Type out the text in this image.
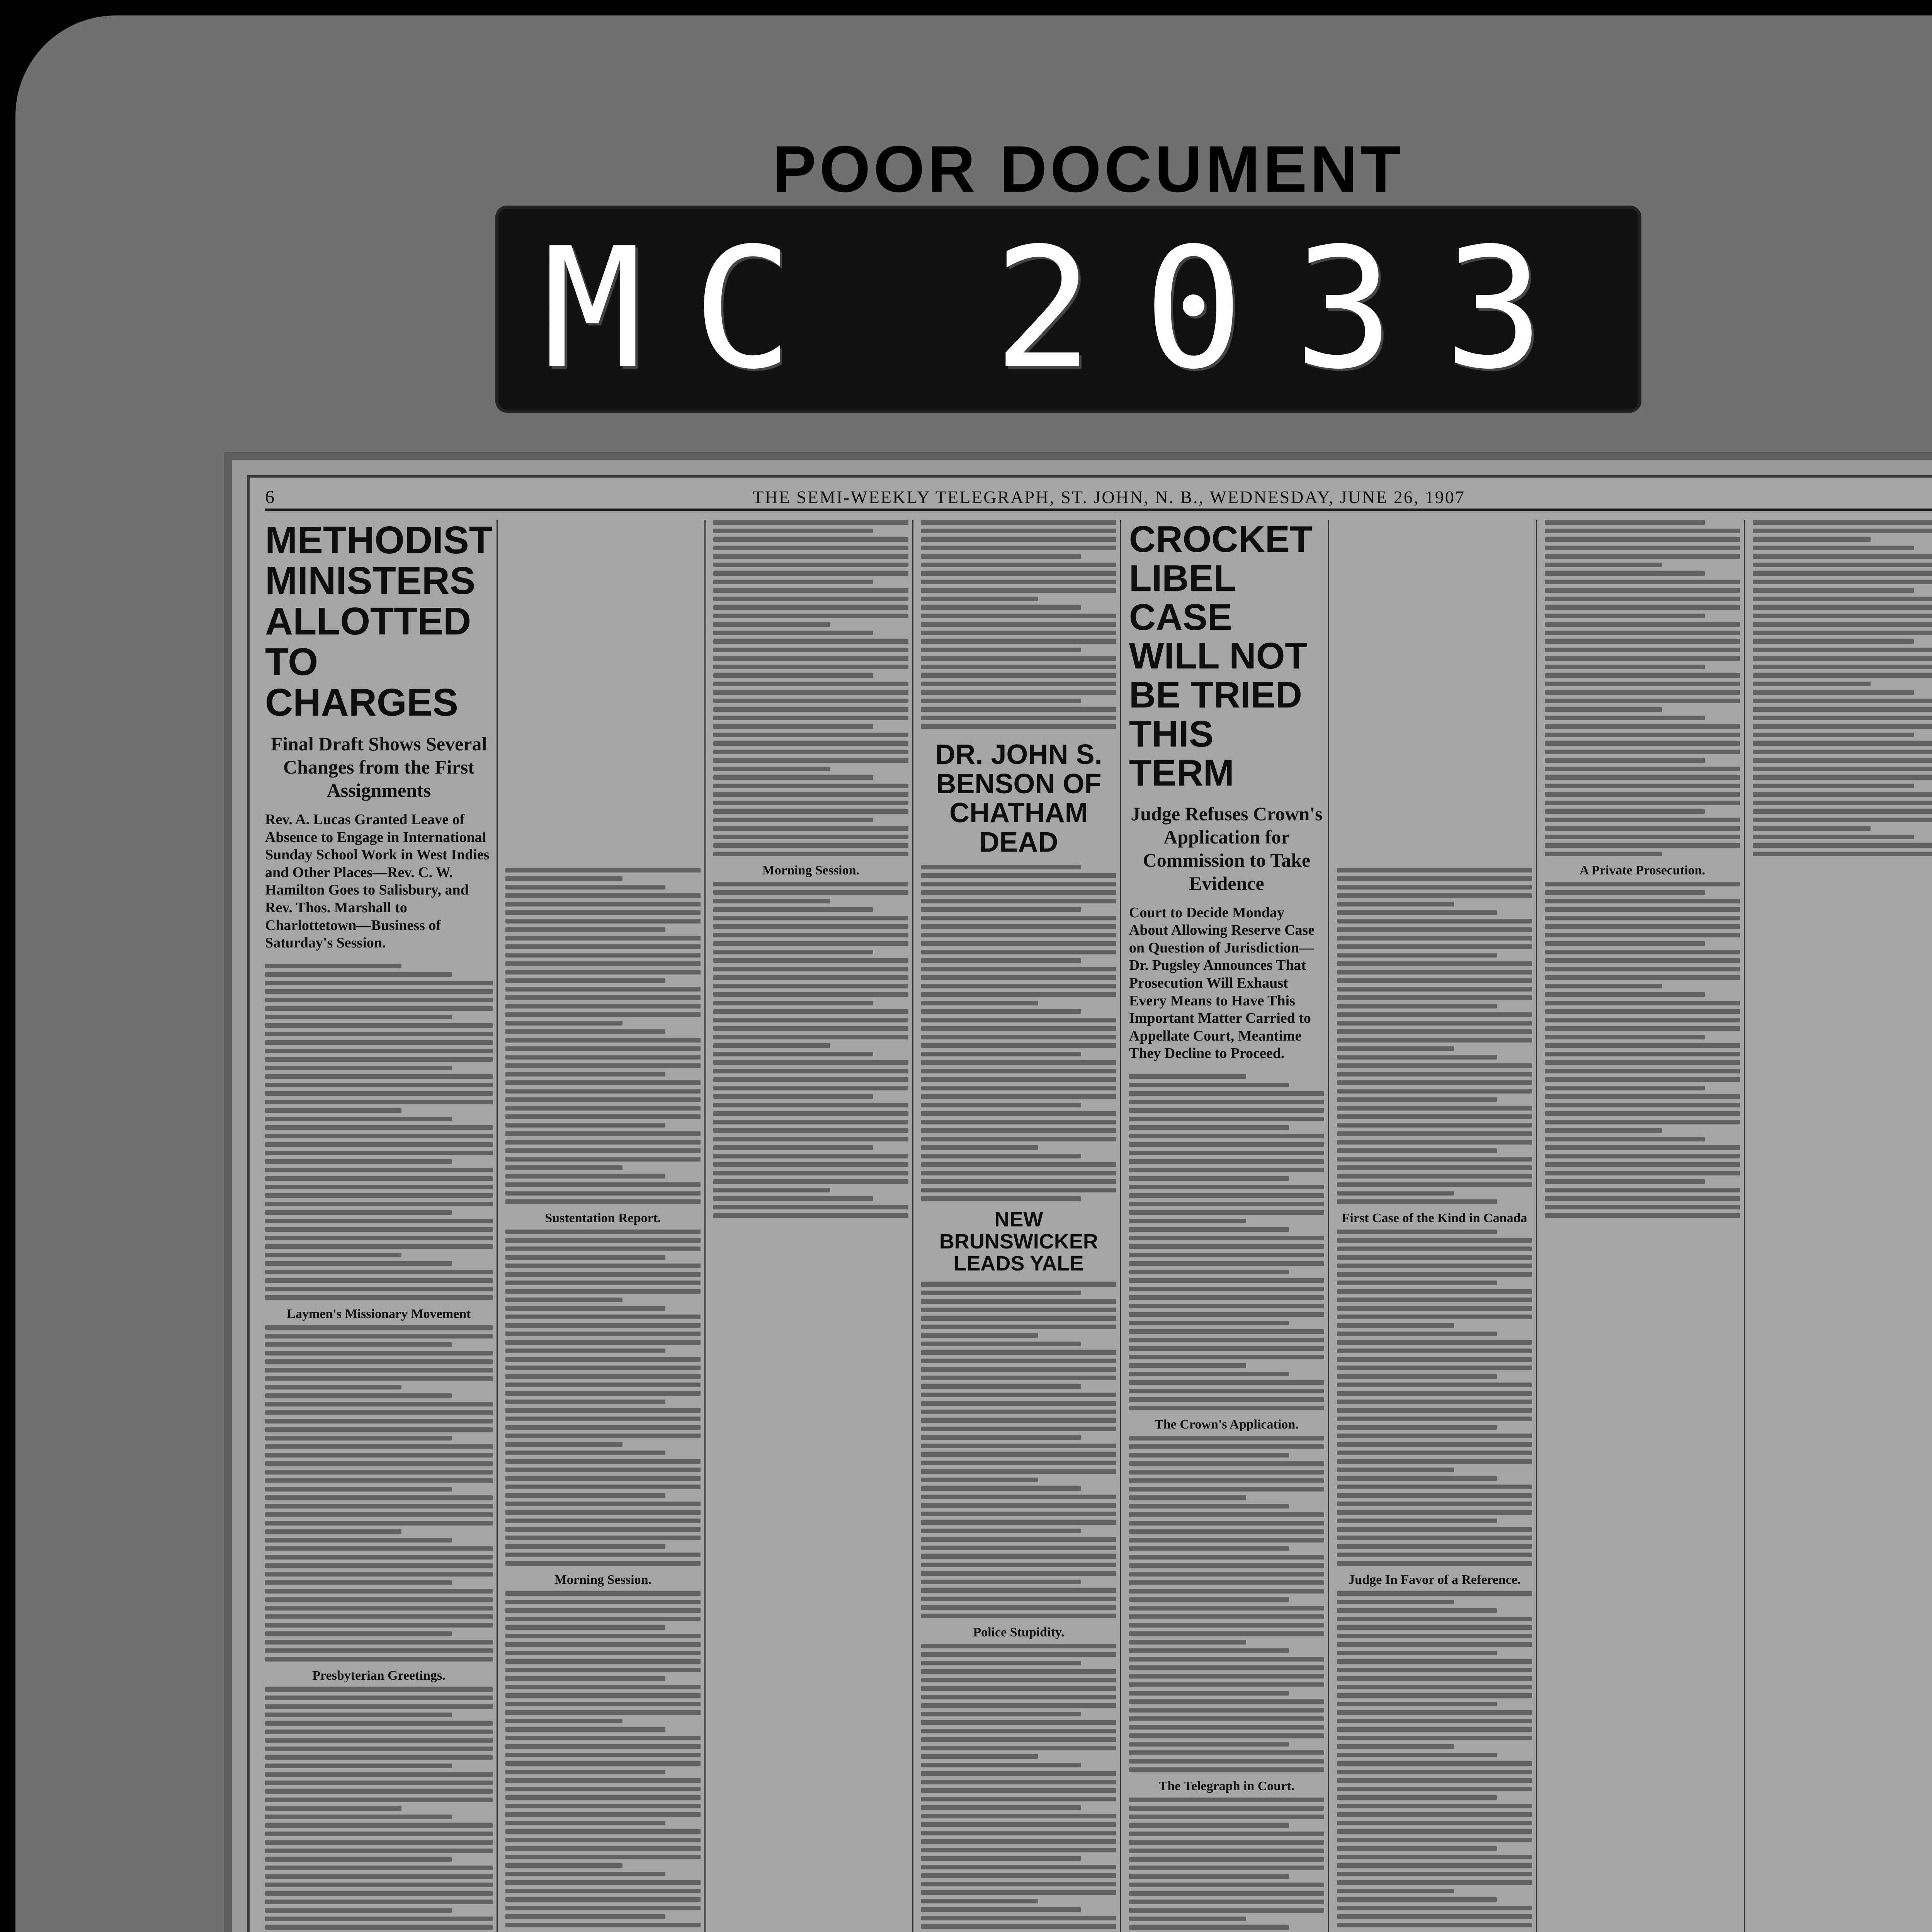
POOR DOCUMENT
MC 2033
6	THE SEMI-WEEKLY TELEGRAPH, ST. JOHN, N. B., WEDNESDAY, JUNE 26, 1907
METHODIST MINISTERS ALLOTTED TO CHARGES
Final Draft Shows Several Changes from the First Assignments
Rev. A. Lucas Granted Leave of Absence to Engage in International Sunday School Work in West Indies and Other Places—Rev. C. W. Hamilton Goes to Salisbury, and Rev. Thos. Marshall to Charlottetown—Business of Saturday's Session.
Laymen's Missionary Movement
Presbyterian Greetings.
Sustentation Report.
Morning Session.
Morning Session.
DR. JOHN S. BENSON OF CHATHAM DEAD
NEW BRUNSWICKER LEADS YALE
Police Stupidity.
CROCKET LIBEL CASE WILL NOT BE TRIED THIS TERM
Judge Refuses Crown's Application for Commission to Take Evidence
Court to Decide Monday About Allowing Reserve Case on Question of Jurisdiction—Dr. Pugsley Announces That Prosecution Will Exhaust Every Means to Have This Important Matter Carried to Appellate Court, Meantime They Decline to Proceed.
The Crown's Application.
The Telegraph in Court.
First Case of the Kind in Canada
Judge In Favor of a Reference.
A Private Prosecution.
